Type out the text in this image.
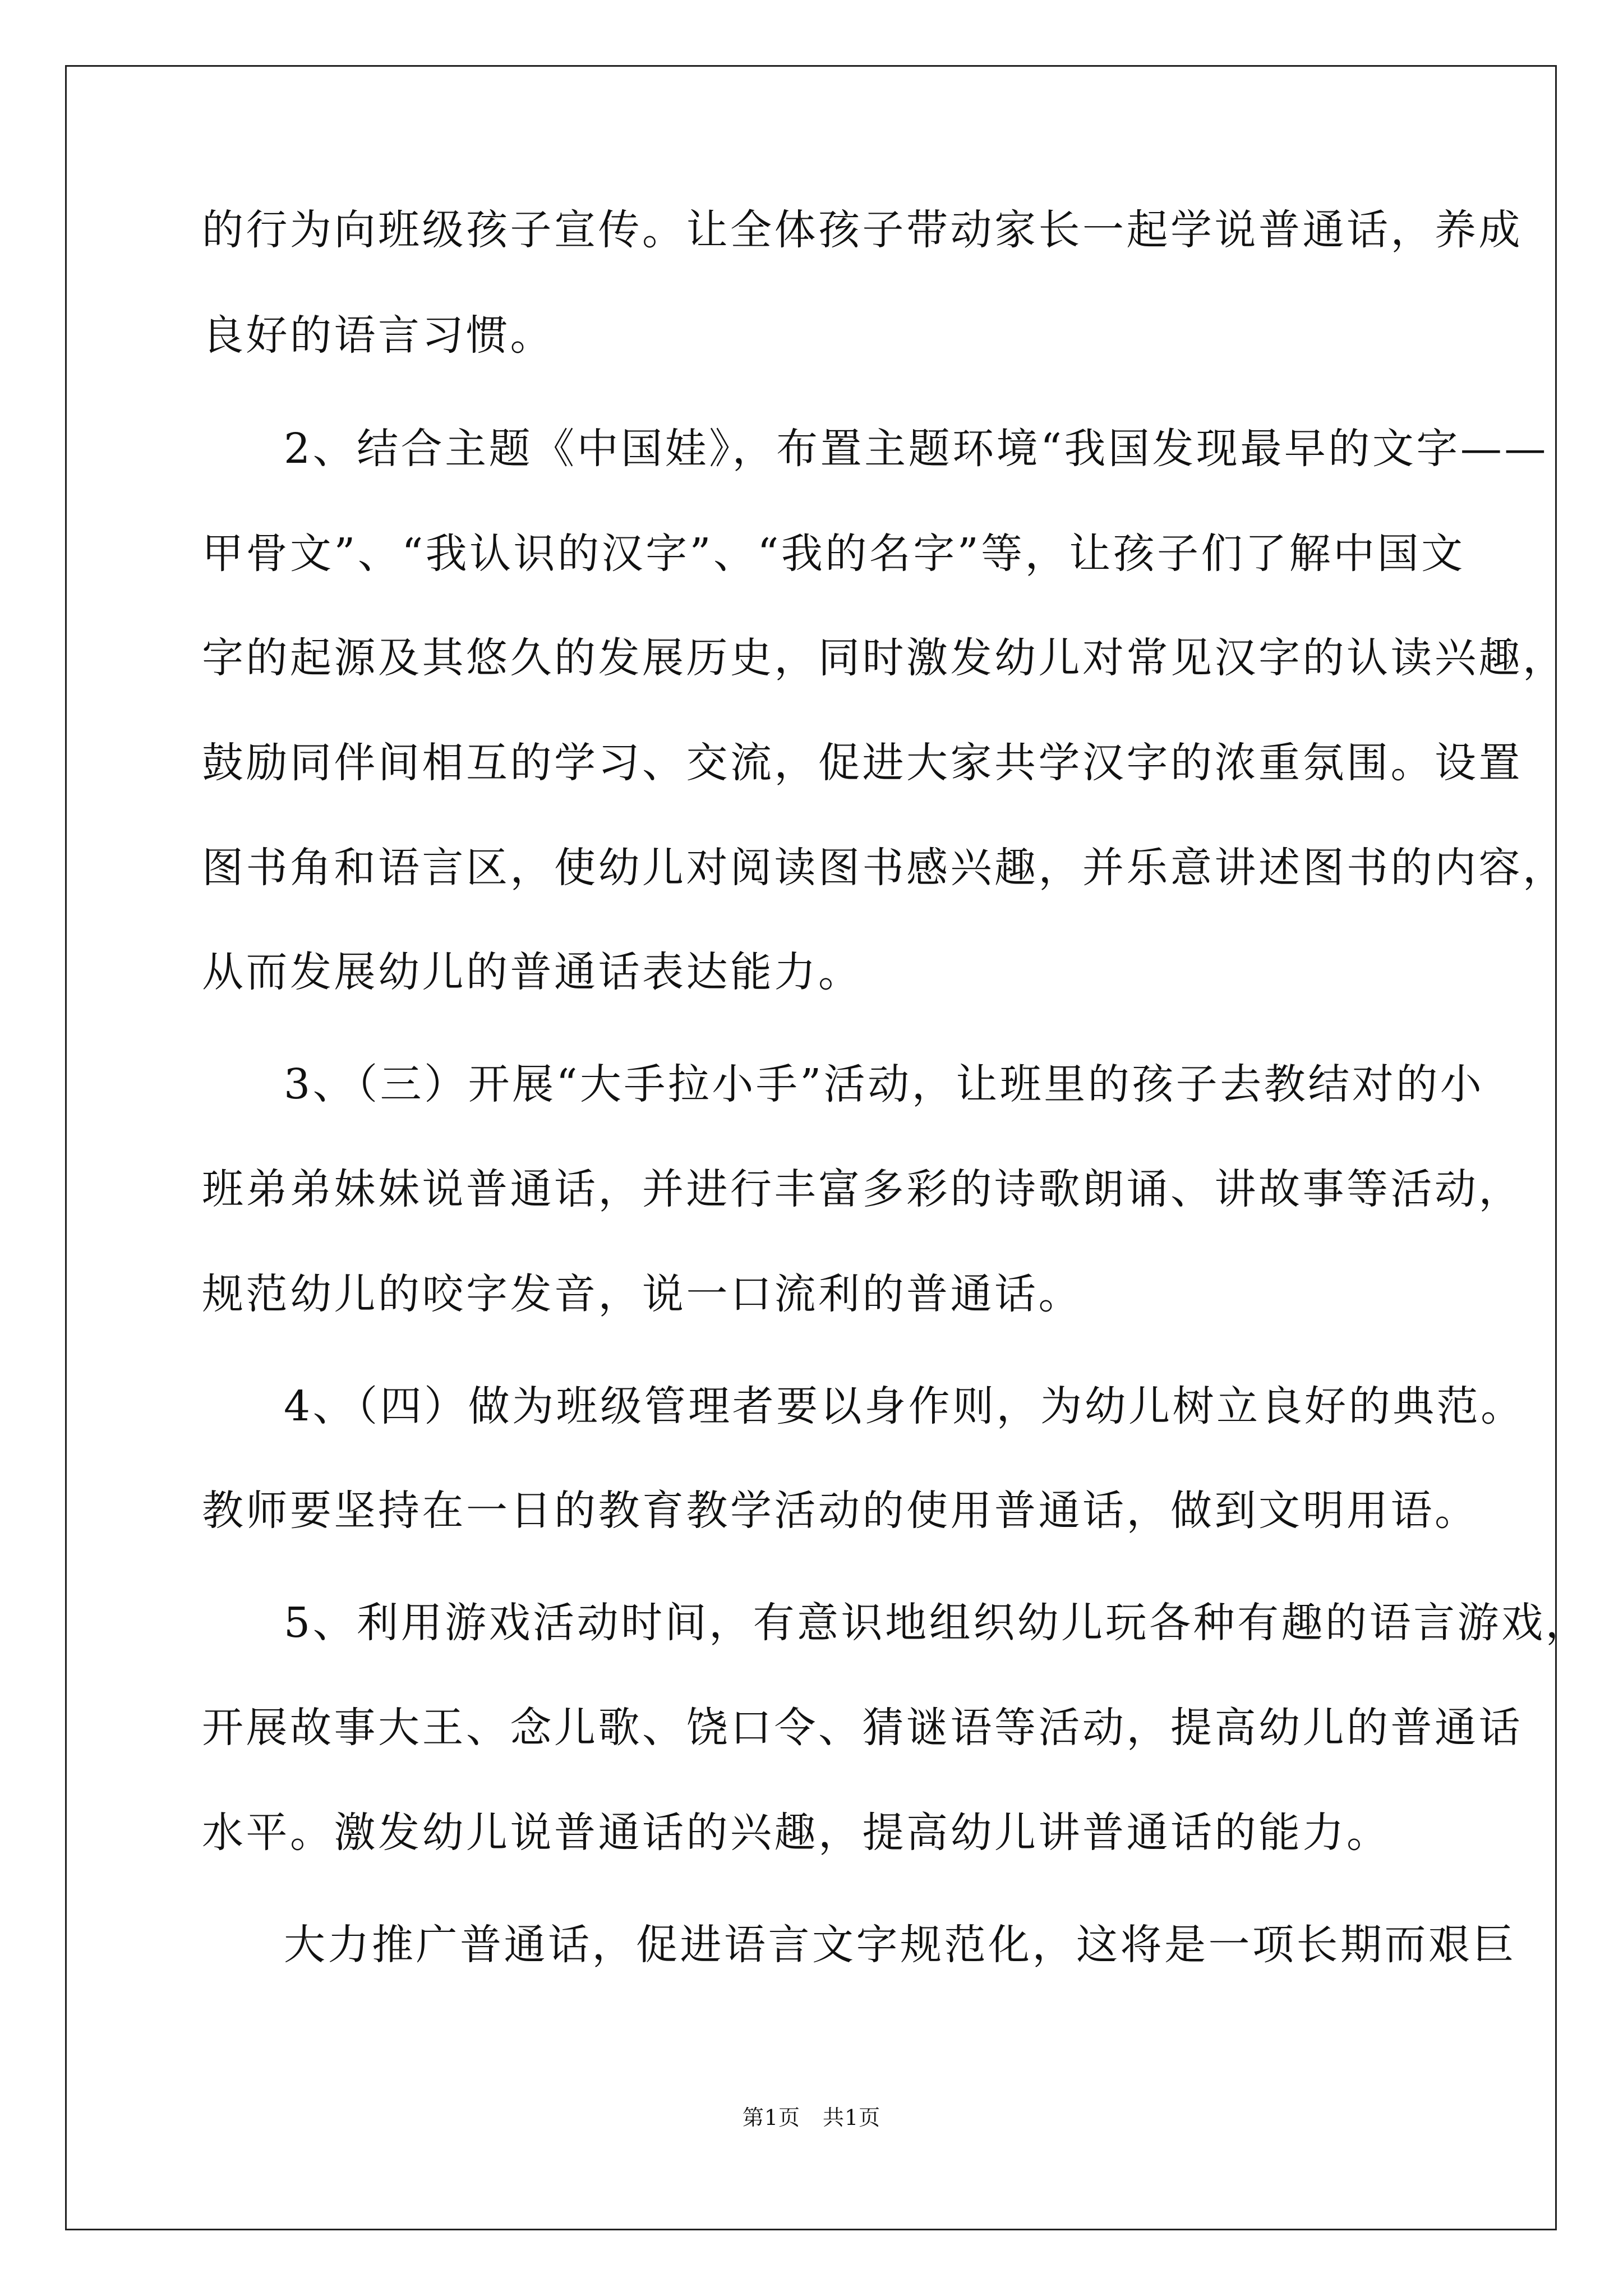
的行为向班级孩子宣传。让全体孩子带动家长一起学说普通话，养成
良好的语言习惯。
2、结合主题《中国娃》，布置主题环境“我国发现最早的文字——
甲骨文”、“我认识的汉字”、“我的名字”等，让孩子们了解中国文
字的起源及其悠久的发展历史，同时激发幼儿对常见汉字的认读兴趣，
鼓励同伴间相互的学习、交流，促进大家共学汉字的浓重氛围。设置
图书角和语言区，使幼儿对阅读图书感兴趣，并乐意讲述图书的内容，
从而发展幼儿的普通话表达能力。
3、（三）开展“大手拉小手”活动，让班里的孩子去教结对的小
班弟弟妹妹说普通话，并进行丰富多彩的诗歌朗诵、讲故事等活动，
规范幼儿的咬字发音，说一口流利的普通话。
4、（四）做为班级管理者要以身作则，为幼儿树立良好的典范。
教师要坚持在一日的教育教学活动的使用普通话，做到文明用语。
5、利用游戏活动时间，有意识地组织幼儿玩各种有趣的语言游戏，
开展故事大王、念儿歌、饶口令、猜谜语等活动，提高幼儿的普通话
水平。激发幼儿说普通话的兴趣，提高幼儿讲普通话的能力。
大力推广普通话，促进语言文字规范化，这将是一项长期而艰巨
第1页 共1页
